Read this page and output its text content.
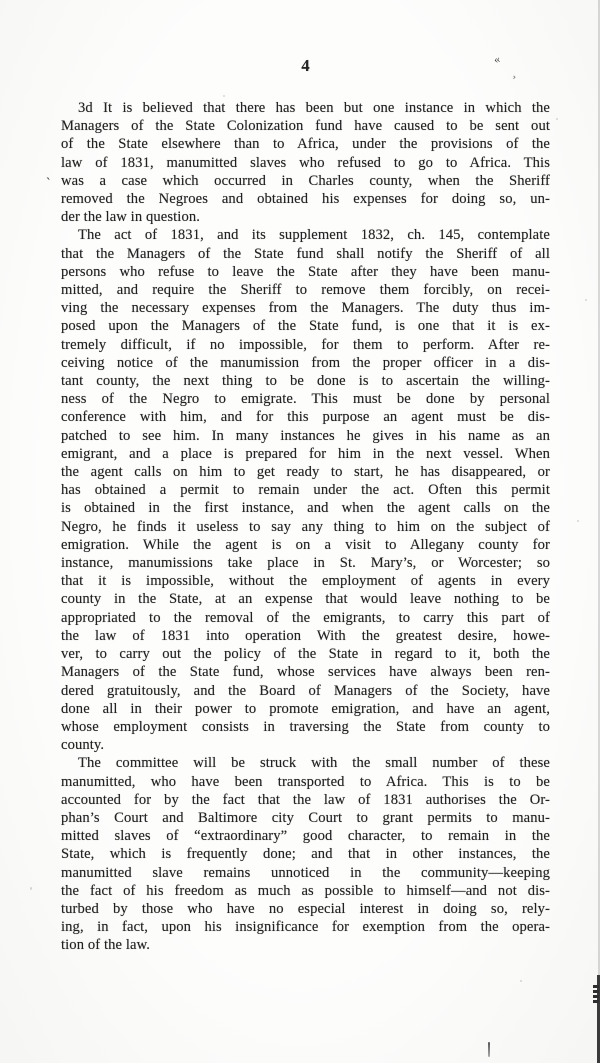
4
3d It is believed that there has been but one instance in which the
Managers of the State Colonization fund have caused to be sent out
of the State elsewhere than to Africa, under the provisions of the
law of 1831, manumitted slaves who refused to go to Africa. This
was a case which occurred in Charles county, when the Sheriff
removed the Negroes and obtained his expenses for doing so, un-
der the law in question.
The act of 1831, and its supplement 1832, ch. 145, contemplate
that the Managers of the State fund shall notify the Sheriff of all
persons who refuse to leave the State after they have been manu-
mitted, and require the Sheriff to remove them forcibly, on recei-
ving the necessary expenses from the Managers. The duty thus im-
posed upon the Managers of the State fund, is one that it is ex-
tremely difficult, if no impossible, for them to perform. After re-
ceiving notice of the manumission from the proper officer in a dis-
tant county, the next thing to be done is to ascertain the willing-
ness of the Negro to emigrate. This must be done by personal
conference with him, and for this purpose an agent must be dis-
patched to see him. In many instances he gives in his name as an
emigrant, and a place is prepared for him in the next vessel. When
the agent calls on him to get ready to start, he has disappeared, or
has obtained a permit to remain under the act. Often this permit
is obtained in the first instance, and when the agent calls on the
Negro, he finds it useless to say any thing to him on the subject of
emigration. While the agent is on a visit to Allegany county for
instance, manumissions take place in St. Mary’s, or Worcester; so
that it is impossible, without the employment of agents in every
county in the State, at an expense that would leave nothing to be
appropriated to the removal of the emigrants, to carry this part of
the law of 1831 into operation With the greatest desire, howe-
ver, to carry out the policy of the State in regard to it, both the
Managers of the State fund, whose services have always been ren-
dered gratuitously, and the Board of Managers of the Society, have
done all in their power to promote emigration, and have an agent,
whose employment consists in traversing the State from county to
county.
The committee will be struck with the small number of these
manumitted, who have been transported to Africa. This is to be
accounted for by the fact that the law of 1831 authorises the Or-
phan’s Court and Baltimore city Court to grant permits to manu-
mitted slaves of “extraordinary” good character, to remain in the
State, which is frequently done; and that in other instances, the
manumitted slave remains unnoticed in the community—keeping
the fact of his freedom as much as possible to himself—and not dis-
turbed by those who have no especial interest in doing so, rely-
ing, in fact, upon his insignificance for exemption from the opera-
tion of the law.
«
¸
`
